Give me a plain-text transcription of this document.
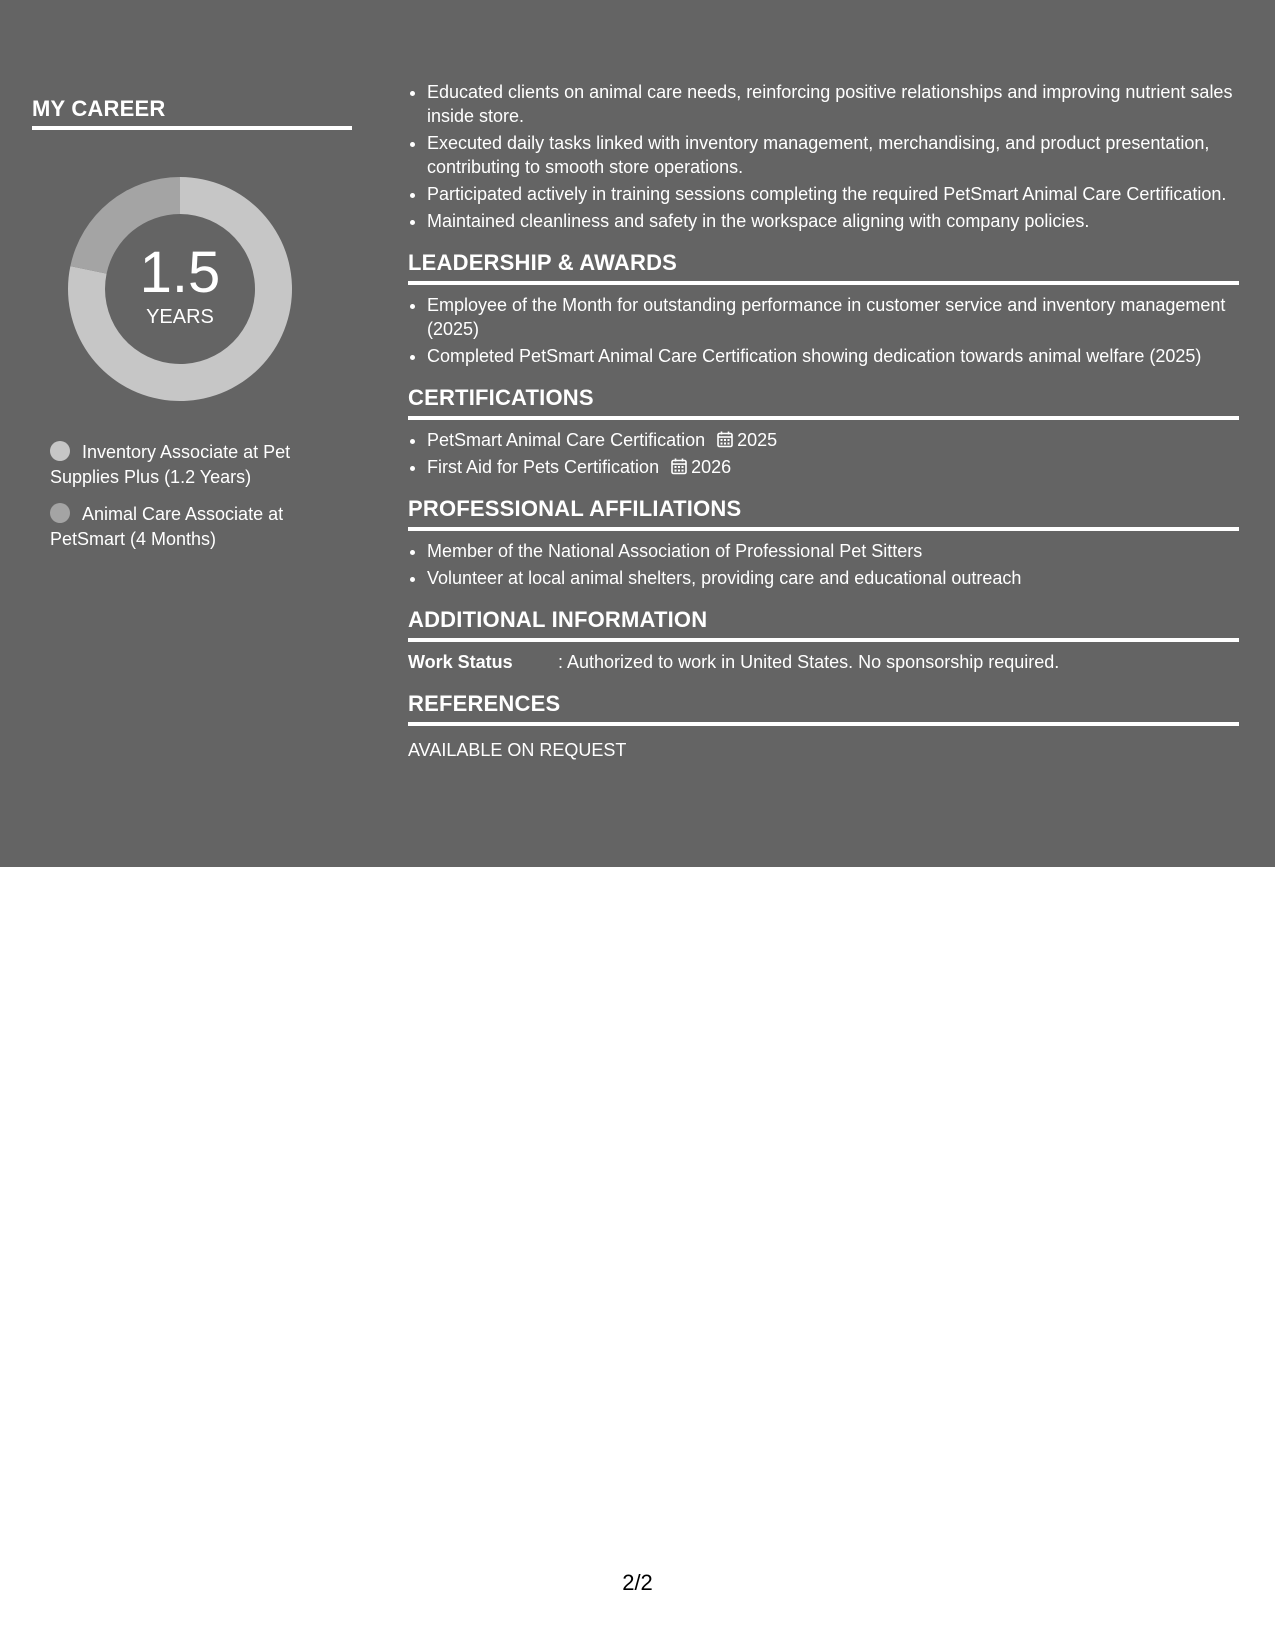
MY CAREER
1.5
YEARS
Inventory Associate at Pet Supplies Plus (1.2 Years)
Animal Care Associate at PetSmart (4 Months)
• Educated clients on animal care needs, reinforcing positive relationships and improving nutrient sales inside store.
• Executed daily tasks linked with inventory management, merchandising, and product presentation, contributing to smooth store operations.
• Participated actively in training sessions completing the required PetSmart Animal Care Certification.
• Maintained cleanliness and safety in the workspace aligning with company policies.
LEADERSHIP & AWARDS
• Employee of the Month for outstanding performance in customer service and inventory management (2025)
• Completed PetSmart Animal Care Certification showing dedication towards animal welfare (2025)
CERTIFICATIONS
• PetSmart Animal Care Certification 2025
• First Aid for Pets Certification 2026
PROFESSIONAL AFFILIATIONS
• Member of the National Association of Professional Pet Sitters
• Volunteer at local animal shelters, providing care and educational outreach
ADDITIONAL INFORMATION
Work Status	: Authorized to work in United States. No sponsorship required.
REFERENCES
AVAILABLE ON REQUEST
2/2
